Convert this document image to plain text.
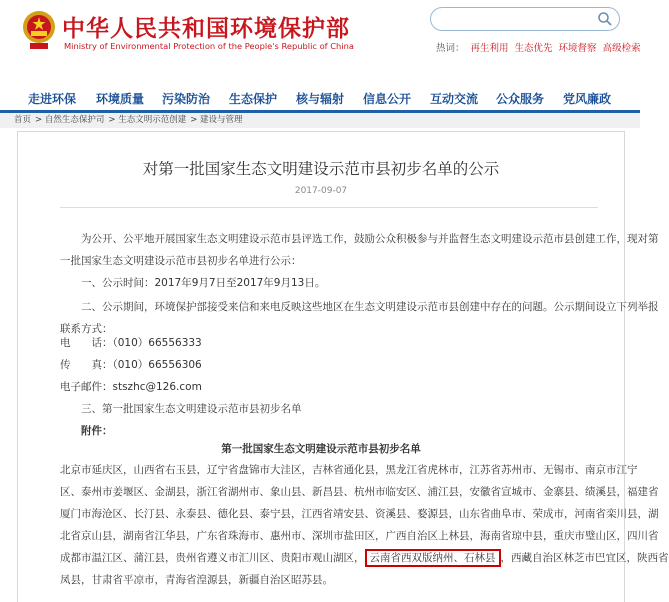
中华人民共和国环境保护部
Ministry of Environmental Protection of the People's Republic of China	热词： 再生利用 生态优先 环境督察 高级检索
走进环保 环境质量 污染防治 生态保护 核与辐射 信息公开 互动交流 公众服务 党风廉政
首页 > 自然生态保护司 > 生态文明示范创建 > 建设与管理
对第一批国家生态文明建设示范市县初步名单的公示
2017-09-07
为公开、公平地开展国家生态文明建设示范市县评选工作，鼓励公众积极参与并监督生态文明建设示范市县创建工作，现对第
一批国家生态文明建设示范市县初步名单进行公示：
一、公示时间：2017年9月7日至2017年9月13日。
二、公示期间，环境保护部接受来信和来电反映这些地区在生态文明建设示范市县创建中存在的问题。公示期间设立下列举报
联系方式：
电　　话：（010）66556333
传　　真：（010）66556306
电子邮件：stszhc@126.com
三、第一批国家生态文明建设示范市县初步名单
附件：
第一批国家生态文明建设示范市县初步名单
北京市延庆区，山西省右玉县，辽宁省盘锦市大洼区，吉林省通化县，黑龙江省虎林市，江苏省苏州市、无锡市、南京市江宁
区、泰州市姜堰区、金湖县，浙江省湖州市、象山县、新昌县、杭州市临安区、浦江县，安徽省宣城市、金寨县、绩溪县，福建省
厦门市海沧区、长汀县、永泰县、德化县、泰宁县，江西省靖安县、资溪县、婺源县，山东省曲阜市、荣成市，河南省栾川县，湖
北省京山县，湖南省江华县，广东省珠海市、惠州市、深圳市盐田区，广西自治区上林县，海南省琼中县，重庆市璧山区，四川省
成都市温江区、蒲江县，贵州省遵义市汇川区、贵阳市观山湖区， 云南省西双版纳州、石林县 ，西藏自治区林芝市巴宜区，陕西省
凤县，甘肃省平凉市，青海省湟源县，新疆自治区昭苏县。
